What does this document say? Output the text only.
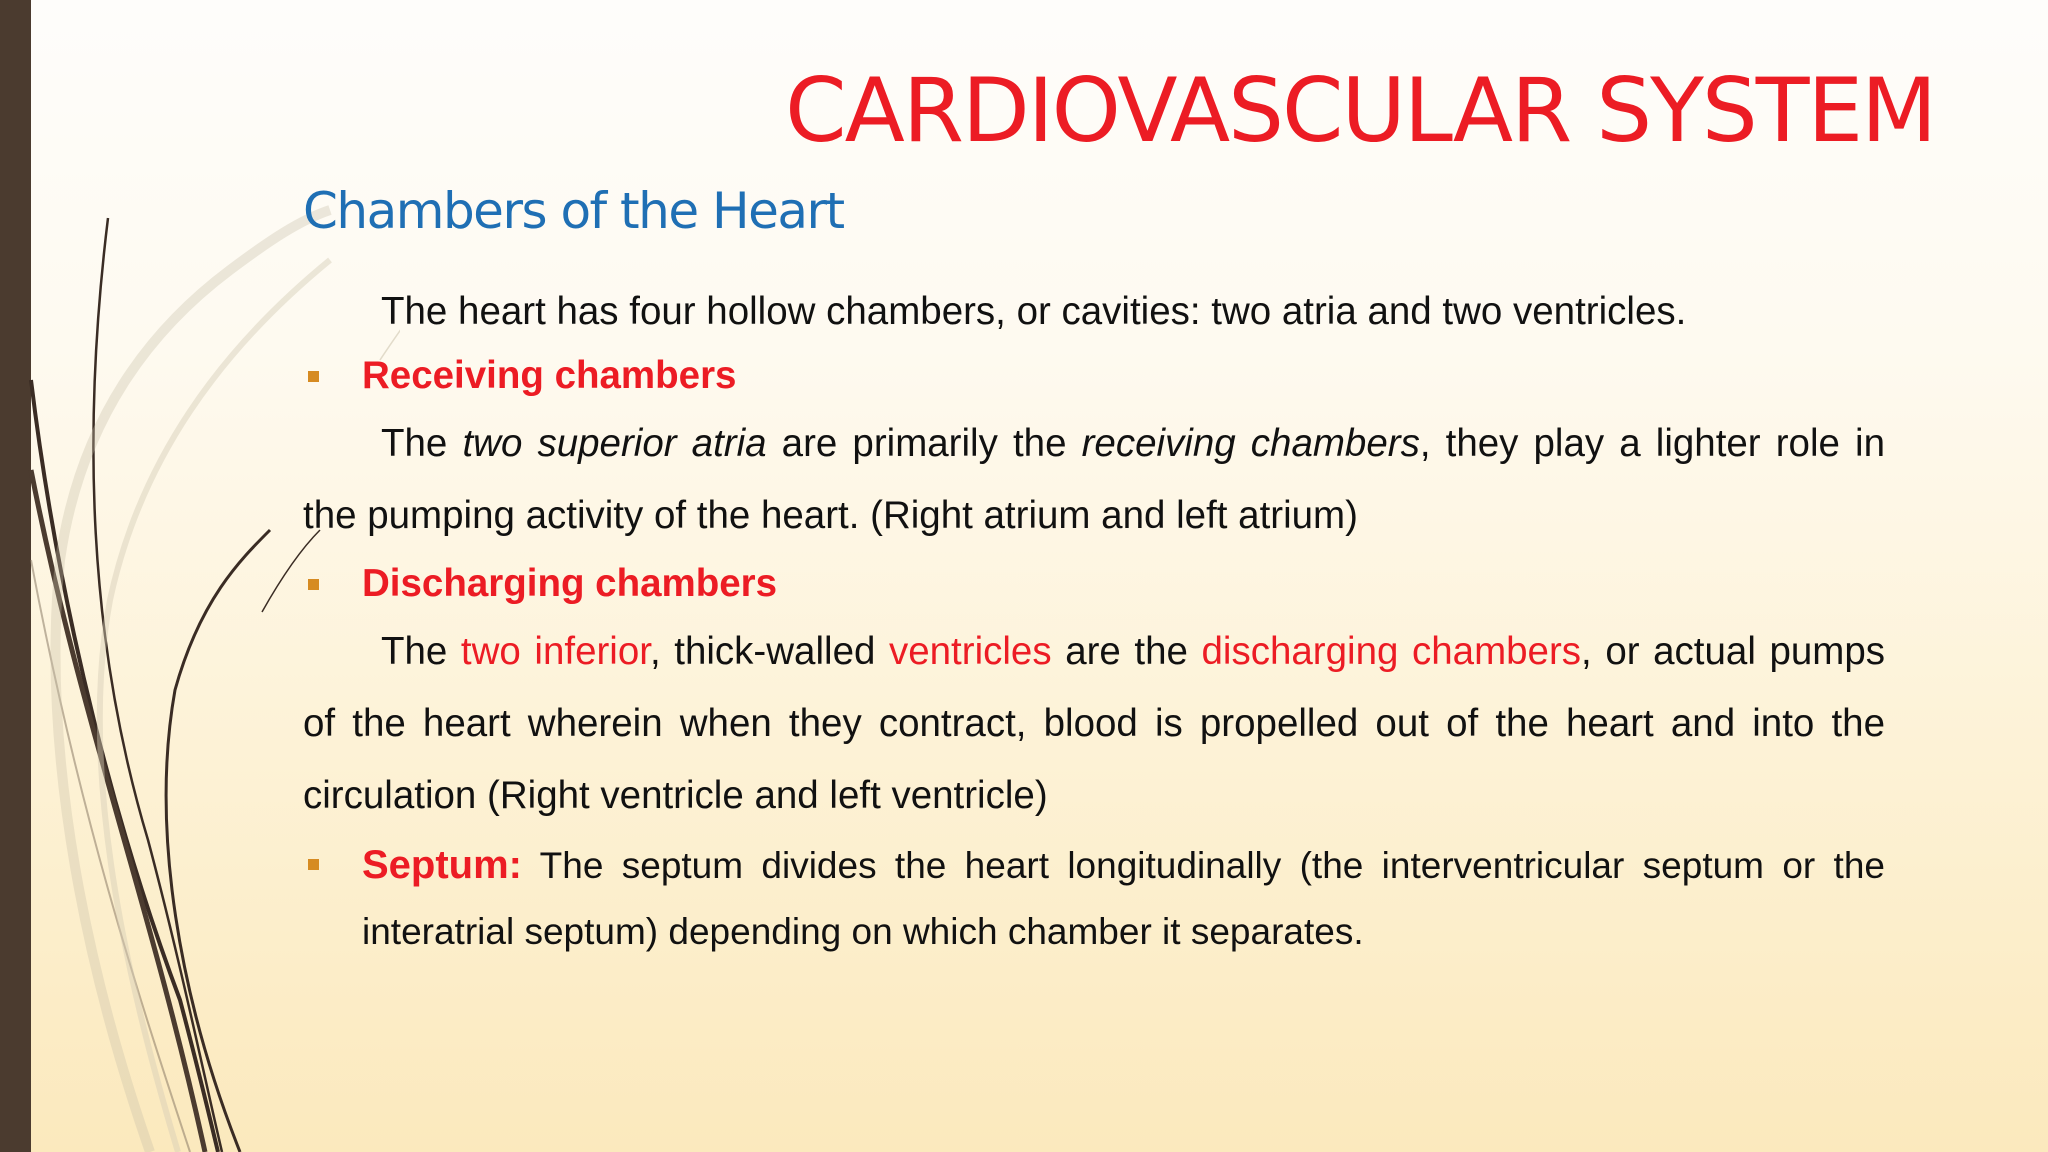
CARDIOVASCULAR SYSTEM
Chambers of the Heart

The heart has four hollow chambers, or cavities: two atria and two ventricles.

Receiving chambers

The two superior atria are primarily the receiving chambers, they play a lighter role in the pumping activity of the heart. (Right atrium and left atrium)

Discharging chambers

The two inferior, thick-walled ventricles are the discharging chambers, or actual pumps of the heart wherein when they contract, blood is propelled out of the heart and into the circulation (Right ventricle and left ventricle)

Septum: The septum divides the heart longitudinally (the interventricular septum or the interatrial septum) depending on which chamber it separates.
